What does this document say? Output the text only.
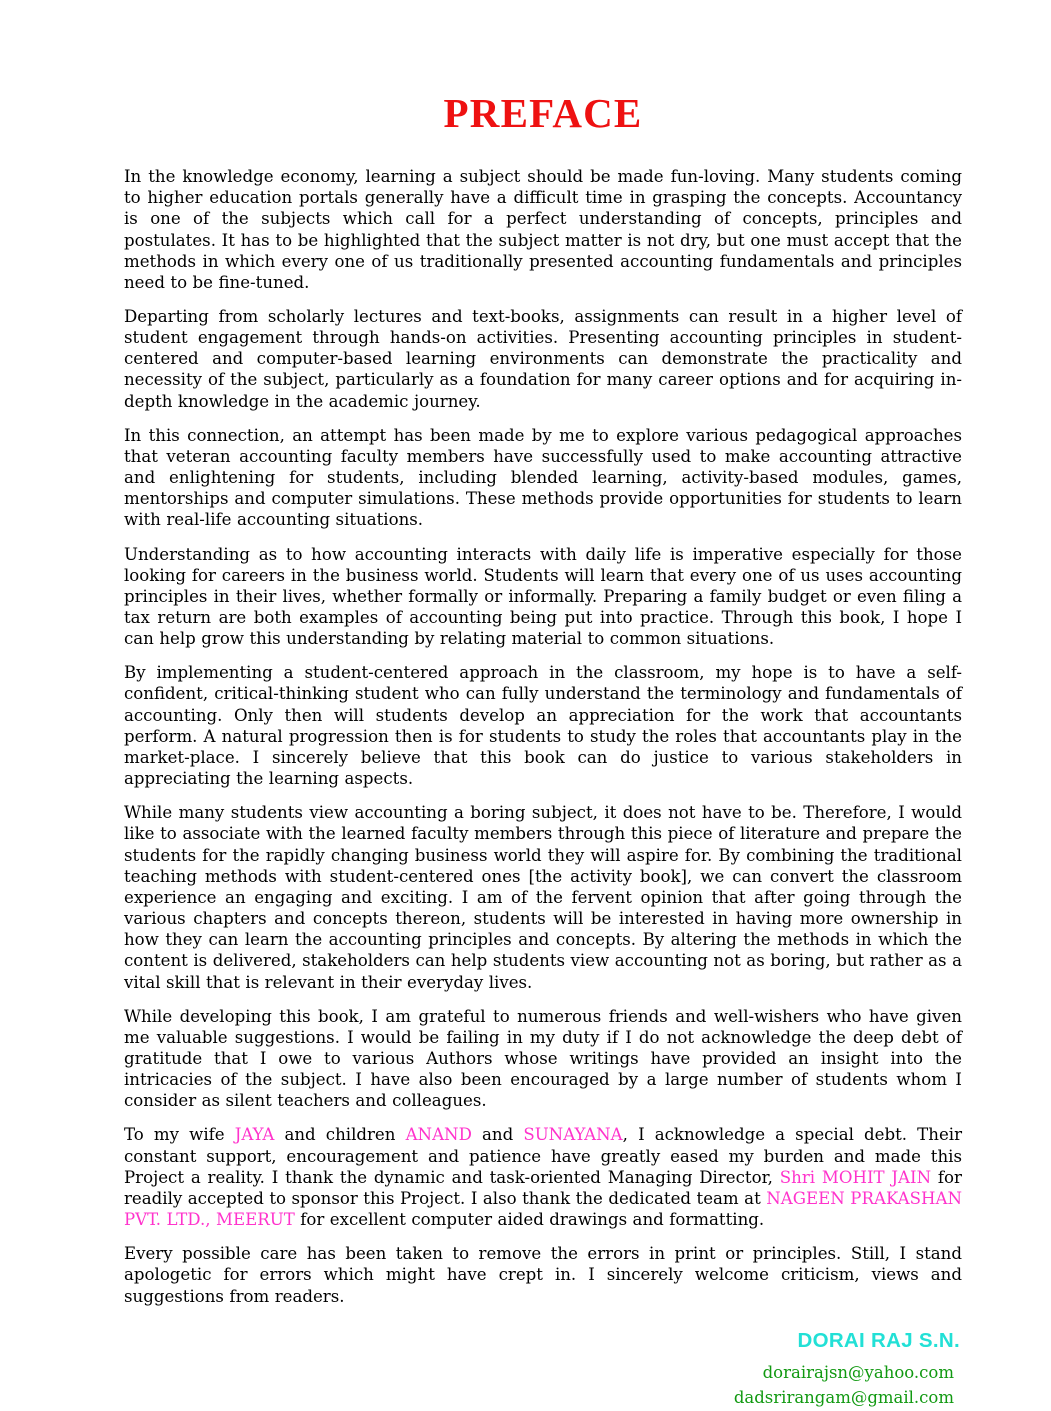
PREFACE

In the knowledge economy, learning a subject should be made fun-loving. Many students coming to higher education portals generally have a difficult time in grasping the concepts. Accountancy is one of the subjects which call for a perfect understanding of concepts, principles and postulates. It has to be highlighted that the subject matter is not dry, but one must accept that the methods in which every one of us traditionally presented accounting fundamentals and principles need to be fine-tuned.

Departing from scholarly lectures and text-books, assignments can result in a higher level of student engagement through hands-on activities. Presenting accounting principles in student-centered and computer-based learning environments can demonstrate the practicality and necessity of the subject, particularly as a foundation for many career options and for acquiring in-depth knowledge in the academic journey.

In this connection, an attempt has been made by me to explore various pedagogical approaches that veteran accounting faculty members have successfully used to make accounting attractive and enlightening for students, including blended learning, activity-based modules, games, mentorships and computer simulations. These methods provide opportunities for students to learn with real-life accounting situations.

Understanding as to how accounting interacts with daily life is imperative especially for those looking for careers in the business world. Students will learn that every one of us uses accounting principles in their lives, whether formally or informally. Preparing a family budget or even filing a tax return are both examples of accounting being put into practice. Through this book, I hope I can help grow this understanding by relating material to common situations.

By implementing a student-centered approach in the classroom, my hope is to have a self-confident, critical-thinking student who can fully understand the terminology and fundamentals of accounting. Only then will students develop an appreciation for the work that accountants perform. A natural progression then is for students to study the roles that accountants play in the market-place. I sincerely believe that this book can do justice to various stakeholders in appreciating the learning aspects.

While many students view accounting a boring subject, it does not have to be. Therefore, I would like to associate with the learned faculty members through this piece of literature and prepare the students for the rapidly changing business world they will aspire for. By combining the traditional teaching methods with student-centered ones [the activity book], we can convert the classroom experience an engaging and exciting. I am of the fervent opinion that after going through the various chapters and concepts thereon, students will be interested in having more ownership in how they can learn the accounting principles and concepts. By altering the methods in which the content is delivered, stakeholders can help students view accounting not as boring, but rather as a vital skill that is relevant in their everyday lives.

While developing this book, I am grateful to numerous friends and well-wishers who have given me valuable suggestions. I would be failing in my duty if I do not acknowledge the deep debt of gratitude that I owe to various Authors whose writings have provided an insight into the intricacies of the subject. I have also been encouraged by a large number of students whom I consider as silent teachers and colleagues.

To my wife JAYA and children ANAND and SUNAYANA, I acknowledge a special debt. Their constant support, encouragement and patience have greatly eased my burden and made this Project a reality. I thank the dynamic and task-oriented Managing Director, Shri MOHIT JAIN for readily accepted to sponsor this Project. I also thank the dedicated team at NAGEEN PRAKASHAN PVT. LTD., MEERUT for excellent computer aided drawings and formatting.

Every possible care has been taken to remove the errors in print or principles. Still, I stand apologetic for errors which might have crept in. I sincerely welcome criticism, views and suggestions from readers.

DORAI RAJ S.N.
dorairajsn@yahoo.com
dadsrirangam@gmail.com
